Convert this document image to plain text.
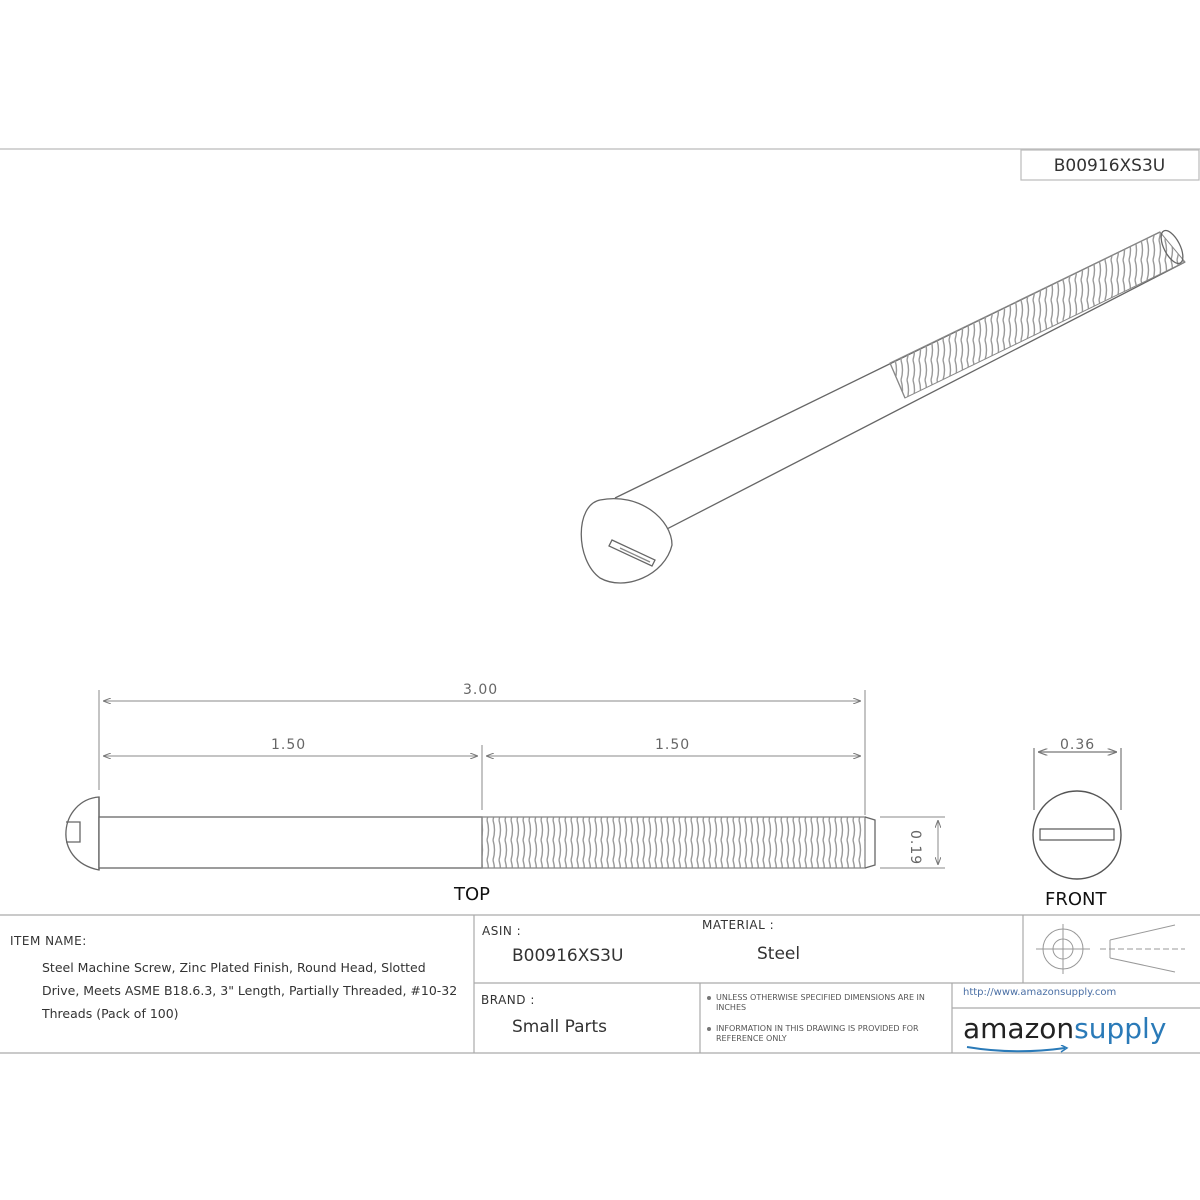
B00916XS3U
3.00
1.50	1.50
0.19
0.36
TOP	FRONT
ITEM NAME:
Steel Machine Screw, Zinc Plated Finish, Round Head, Slotted Drive, Meets ASME B18.6.3, 3" Length, Partially Threaded, #10-32 Threads (Pack of 100)
ASIN :
B00916XS3U
MATERIAL :
Steel
BRAND :
Small Parts
UNLESS OTHERWISE SPECIFIED DIMENSIONS ARE IN INCHES
INFORMATION IN THIS DRAWING IS PROVIDED FOR REFERENCE ONLY
http://www.amazonsupply.com
amazonsupply
